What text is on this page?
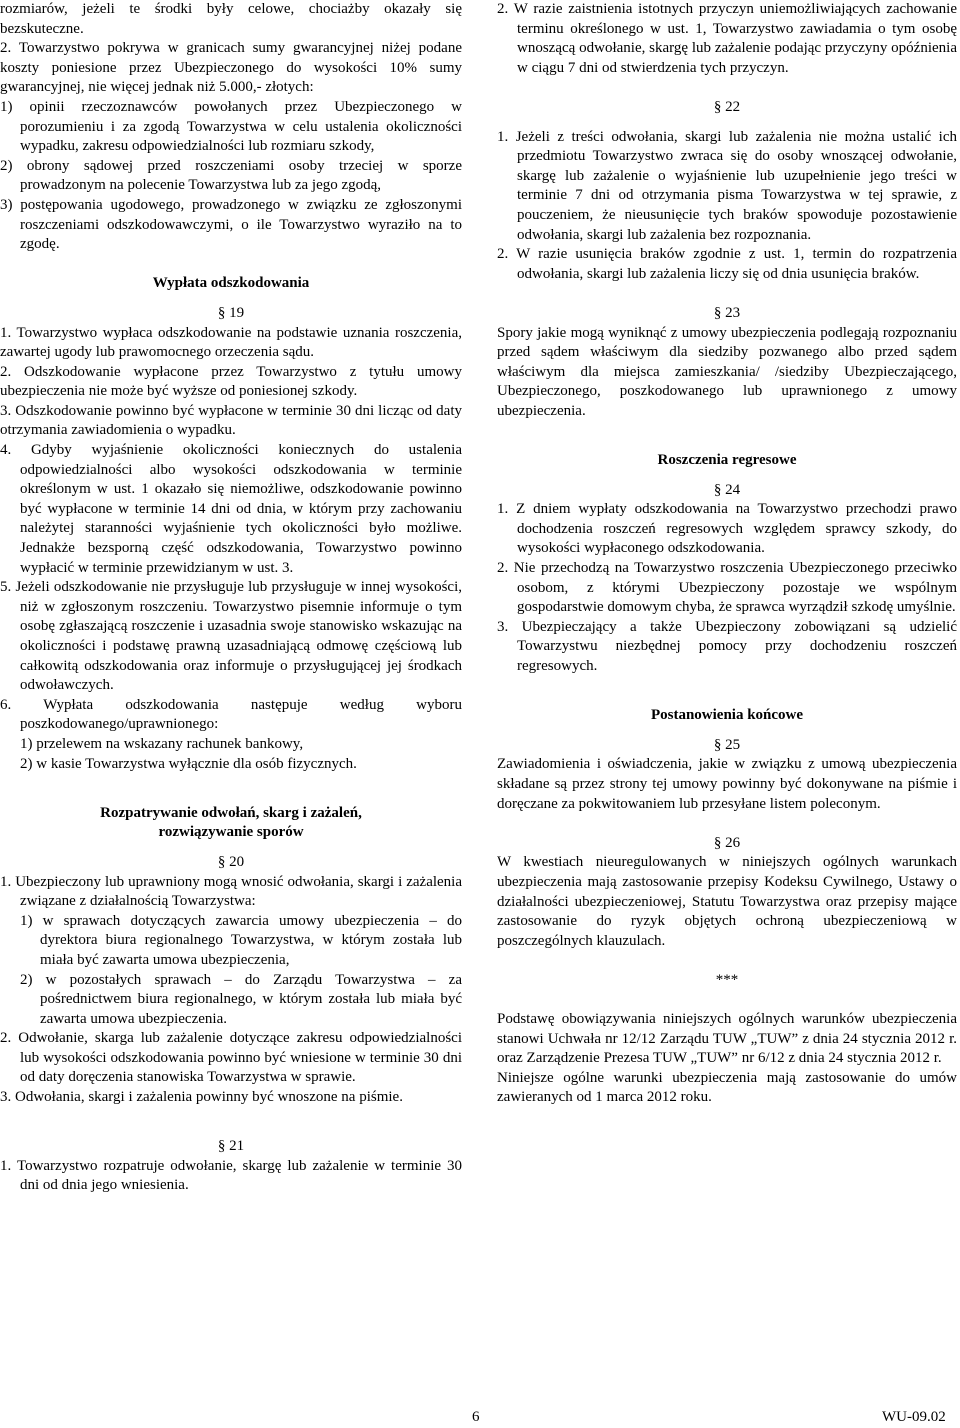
rozmiarów, jeżeli te środki były celowe, chociażby okazały się bezskuteczne.

2. Towarzystwo pokrywa w granicach sumy gwarancyjnej niżej podane koszty poniesione przez Ubezpieczonego do wysokości 10% sumy gwarancyjnej, nie więcej jednak niż 5.000,- złotych:

1) opinii rzeczoznawców powołanych przez Ubezpieczonego w porozumieniu i za zgodą Towarzystwa w celu ustalenia okoliczności wypadku, zakresu odpowiedzialności lub rozmiaru szkody,

2) obrony sądowej przed roszczeniami osoby trzeciej w sporze prowadzonym na polecenie Towarzystwa lub za jego zgodą,

3) postępowania ugodowego, prowadzonego w związku ze zgłoszonymi roszczeniami odszkodowawczymi, o ile Towarzystwo wyraziło na to zgodę.

Wypłata odszkodowania

§ 19

1. Towarzystwo wypłaca odszkodowanie na podstawie uznania roszczenia, zawartej ugody lub prawomocnego orzeczenia sądu.

2. Odszkodowanie wypłacone przez Towarzystwo z tytułu umowy ubezpieczenia nie może być wyższe od poniesionej szkody.

3. Odszkodowanie powinno być wypłacone w terminie 30 dni licząc od daty otrzymania zawiadomienia o wypadku.

4. Gdyby wyjaśnienie okoliczności koniecznych do ustalenia odpowiedzialności albo wysokości odszkodowania w terminie określonym w ust. 1 okazało się niemożliwe, odszkodowanie powinno być wypłacone w terminie 14 dni od dnia, w którym przy zachowaniu należytej staranności wyjaśnienie tych okoliczności było możliwe. Jednakże bezsporną część odszkodowania, Towarzystwo powinno wypłacić w terminie przewidzianym w ust. 3.

5. Jeżeli odszkodowanie nie przysługuje lub przysługuje w innej wysokości, niż w zgłoszonym roszczeniu. Towarzystwo pisemnie informuje o tym osobę zgłaszającą roszczenie i uzasadnia swoje stanowisko wskazując na okoliczności i podstawę prawną uzasadniającą odmowę częściową lub całkowitą odszkodowania oraz informuje o przysługującej jej środkach odwoławczych.

6. Wypłata odszkodowania następuje według wyboru poszkodowanego/uprawnionego:

1) przelewem na wskazany rachunek bankowy,

2) w kasie Towarzystwa wyłącznie dla osób fizycznych.

Rozpatrywanie odwołań, skarg i zażaleń,

rozwiązywanie sporów

§ 20

1. Ubezpieczony lub uprawniony mogą wnosić odwołania, skargi i zażalenia związane z działalnością Towarzystwa:

1) w sprawach dotyczących zawarcia umowy ubezpieczenia – do dyrektora biura regionalnego Towarzystwa, w którym została lub miała być zawarta umowa ubezpieczenia,

2) w pozostałych sprawach – do Zarządu Towarzystwa – za pośrednictwem biura regionalnego, w którym została lub miała być zawarta umowa ubezpieczenia.

2. Odwołanie, skarga lub zażalenie dotyczące zakresu odpowiedzialności lub wysokości odszkodowania powinno być wniesione w terminie 30 dni od daty doręczenia stanowiska Towarzystwa w sprawie.

3. Odwołania, skargi i zażalenia powinny być wnoszone na piśmie.

§ 21

1. Towarzystwo rozpatruje odwołanie, skargę lub zażalenie w terminie 30 dni od dnia jego wniesienia.

2. W razie zaistnienia istotnych przyczyn uniemożliwiających zachowanie terminu określonego w ust. 1, Towarzystwo zawiadamia o tym osobę wnoszącą odwołanie, skargę lub zażalenie podając przyczyny opóźnienia w ciągu 7 dni od stwierdzenia tych przyczyn.

§ 22

1. Jeżeli z treści odwołania, skargi lub zażalenia nie można ustalić ich przedmiotu Towarzystwo zwraca się do osoby wnoszącej odwołanie, skargę lub zażalenie o wyjaśnienie lub uzupełnienie jego treści w terminie 7 dni od otrzymania pisma Towarzystwa w tej sprawie, z pouczeniem, że nieusunięcie tych braków spowoduje pozostawienie odwołania, skargi lub zażalenia bez rozpoznania.

2. W razie usunięcia braków zgodnie z ust. 1, termin do rozpatrzenia odwołania, skargi lub zażalenia liczy się od dnia usunięcia braków.

§ 23

Spory jakie mogą wyniknąć z umowy ubezpieczenia podlegają rozpoznaniu przed sądem właściwym dla siedziby pozwanego albo przed sądem właściwym dla miejsca zamieszkania/ /siedziby Ubezpieczającego, Ubezpieczonego, poszkodowanego lub uprawnionego z umowy ubezpieczenia.

Roszczenia regresowe

§ 24

1. Z dniem wypłaty odszkodowania na Towarzystwo przechodzi prawo dochodzenia roszczeń regresowych względem sprawcy szkody, do wysokości wypłaconego odszkodowania.

2. Nie przechodzą na Towarzystwo roszczenia Ubezpieczonego przeciwko osobom, z którymi Ubezpieczony pozostaje we wspólnym gospodarstwie domowym chyba, że sprawca wyrządził szkodę umyślnie.

3. Ubezpieczający a także Ubezpieczony zobowiązani są udzielić Towarzystwu niezbędnej pomocy przy dochodzeniu roszczeń regresowych.

Postanowienia końcowe

§ 25

Zawiadomienia i oświadczenia, jakie w związku z umową ubezpieczenia składane są przez strony tej umowy powinny być dokonywane na piśmie i doręczane za pokwitowaniem lub przesyłane listem poleconym.

§ 26

W kwestiach nieuregulowanych w niniejszych ogólnych warunkach ubezpieczenia mają zastosowanie przepisy Kodeksu Cywilnego, Ustawy o działalności ubezpieczeniowej, Statutu Towarzystwa oraz przepisy mające zastosowanie do ryzyk objętych ochroną ubezpieczeniową w poszczególnych klauzulach.

***

Podstawę obowiązywania niniejszych ogólnych warunków ubezpieczenia stanowi Uchwała nr 12/12 Zarządu TUW „TUW” z dnia 24 stycznia 2012 r. oraz Zarządzenie Prezesa TUW „TUW” nr 6/12 z dnia 24 stycznia 2012 r.

Niniejsze ogólne warunki ubezpieczenia mają zastosowanie do umów zawieranych od 1 marca 2012 roku.

6	WU-09.02
